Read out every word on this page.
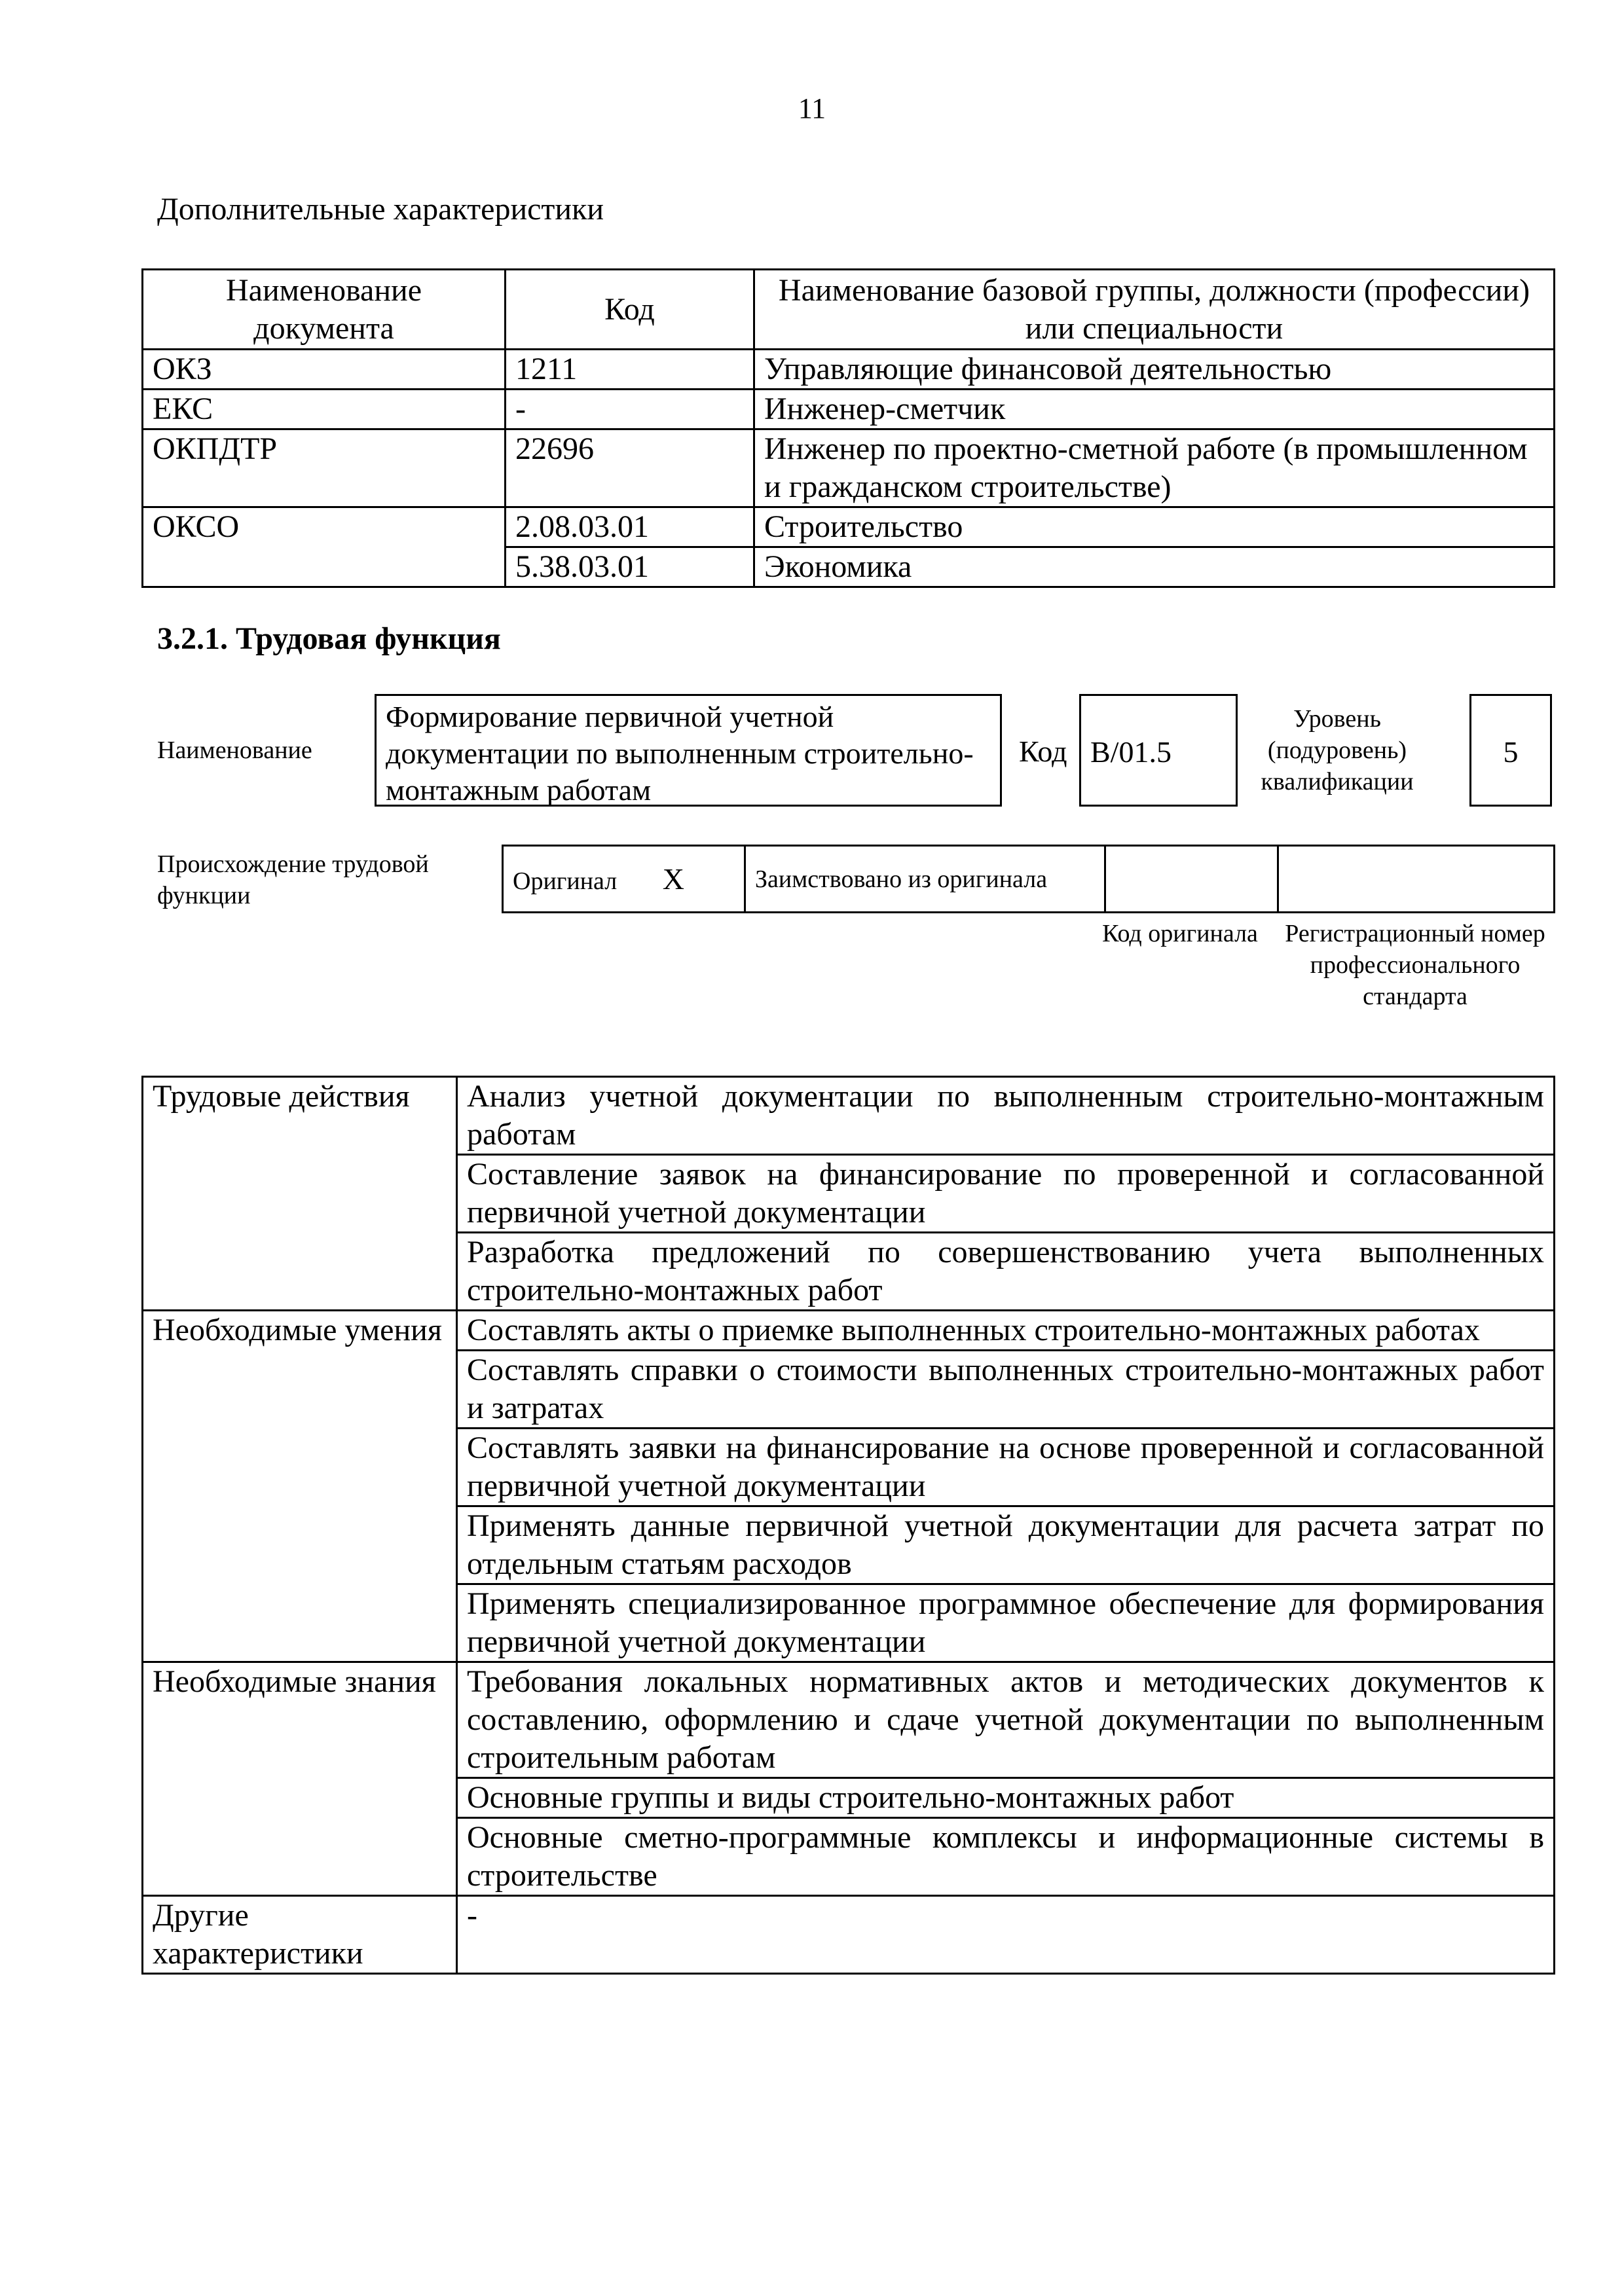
11
Дополнительные характеристики
Наименование документа	Код	Наименование базовой группы, должности (профессии) или специальности
ОКЗ	1211	Управляющие финансовой деятельностью
ЕКС	-	Инженер-сметчик
ОКПДТР	22696	Инженер по проектно-сметной работе (в промышленном и гражданском строительстве)
ОКСО	2.08.03.01	Строительство
	5.38.03.01	Экономика
3.2.1. Трудовая функция
Наименование
Формирование первичной учетной документации по выполненным строительно-монтажным работам
Код B/01.5
Уровень (подуровень) квалификации
5
Происхождение трудовой функции
Оригинал X	Заимствовано из оригинала		
Код оригинала	Регистрационный номер профессионального стандарта
Трудовые действия	Анализ учетной документации по выполненным строительно-монтажным работам
	Составление заявок на финансирование по проверенной и согласованной первичной учетной документации
	Разработка предложений по совершенствованию учета выполненных строительно-монтажных работ
Необходимые умения	Составлять акты о приемке выполненных строительно-монтажных работах
	Составлять справки о стоимости выполненных строительно-монтажных работ и затратах
	Составлять заявки на финансирование на основе проверенной и согласованной первичной учетной документации
	Применять данные первичной учетной документации для расчета затрат по отдельным статьям расходов
	Применять специализированное программное обеспечение для формирования первичной учетной документации
Необходимые знания	Требования локальных нормативных актов и методических документов к составлению, оформлению и сдаче учетной документации по выполненным строительным работам
	Основные группы и виды строительно-монтажных работ
	Основные сметно-программные комплексы и информационные системы в строительстве
Другие характеристики	-
